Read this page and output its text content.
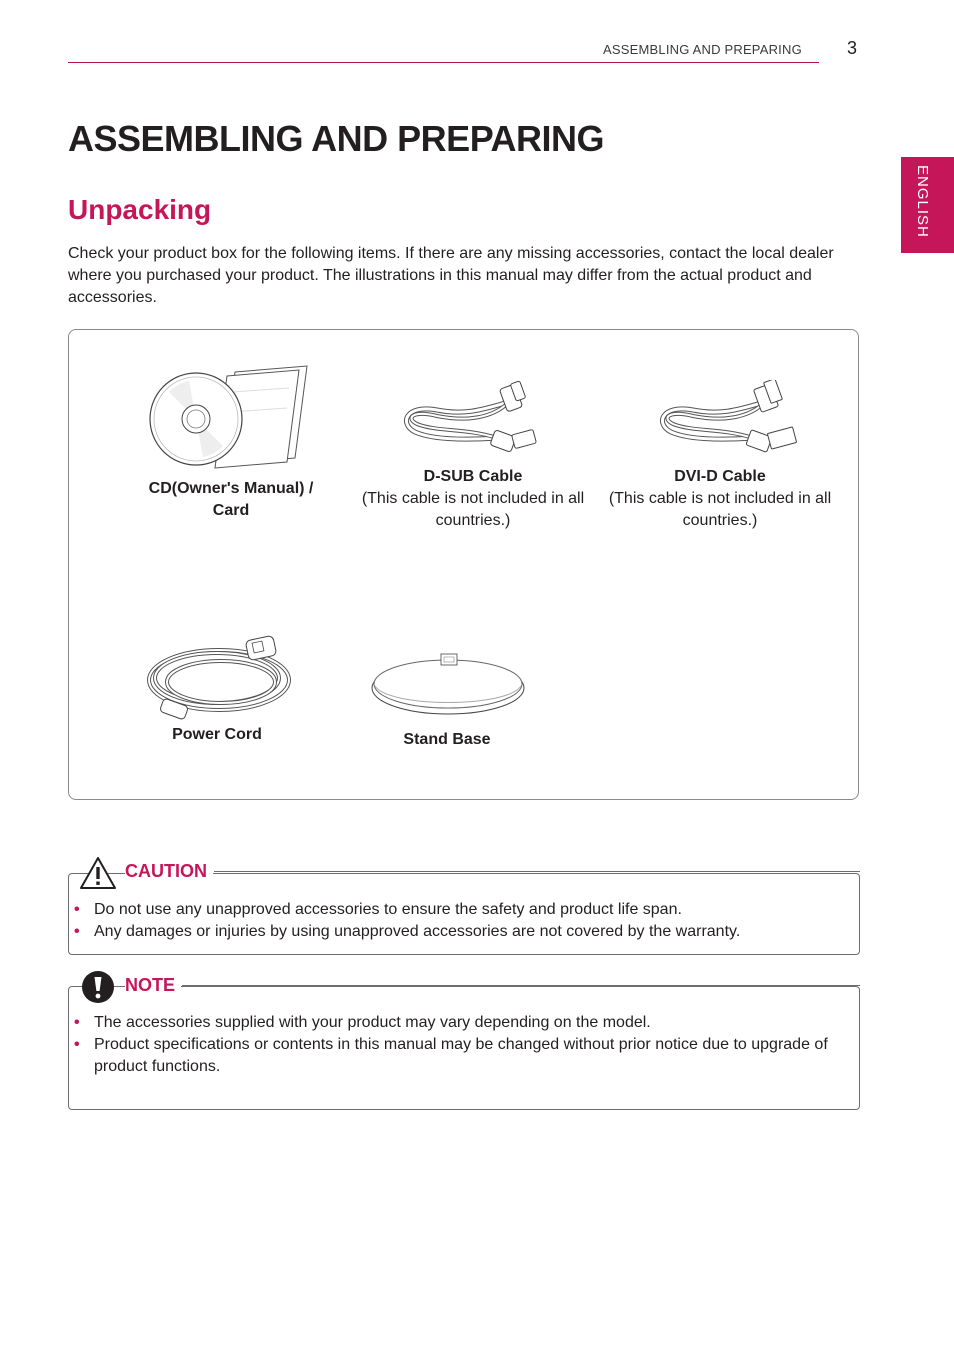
ASSEMBLING AND PREPARING	3
ENGLISH
ASSEMBLING AND PREPARING
Unpacking

Check your product box for the following items. If there are any missing accessories, contact the local dealer where you purchased your product. The illustrations in this manual may differ from the actual product and accessories.

CD(Owner's Manual) / Card
D-SUB Cable
(This cable is not included in all countries.)
DVI-D Cable
(This cable is not included in all countries.)
Power Cord	Stand Base
CAUTION
• Do not use any unapproved accessories to ensure the safety and product life span.
• Any damages or injuries by using unapproved accessories are not covered by the warranty.
NOTE
• The accessories supplied with your product may vary depending on the model.
• Product specifications or contents in this manual may be changed without prior notice due to upgrade of product functions.
